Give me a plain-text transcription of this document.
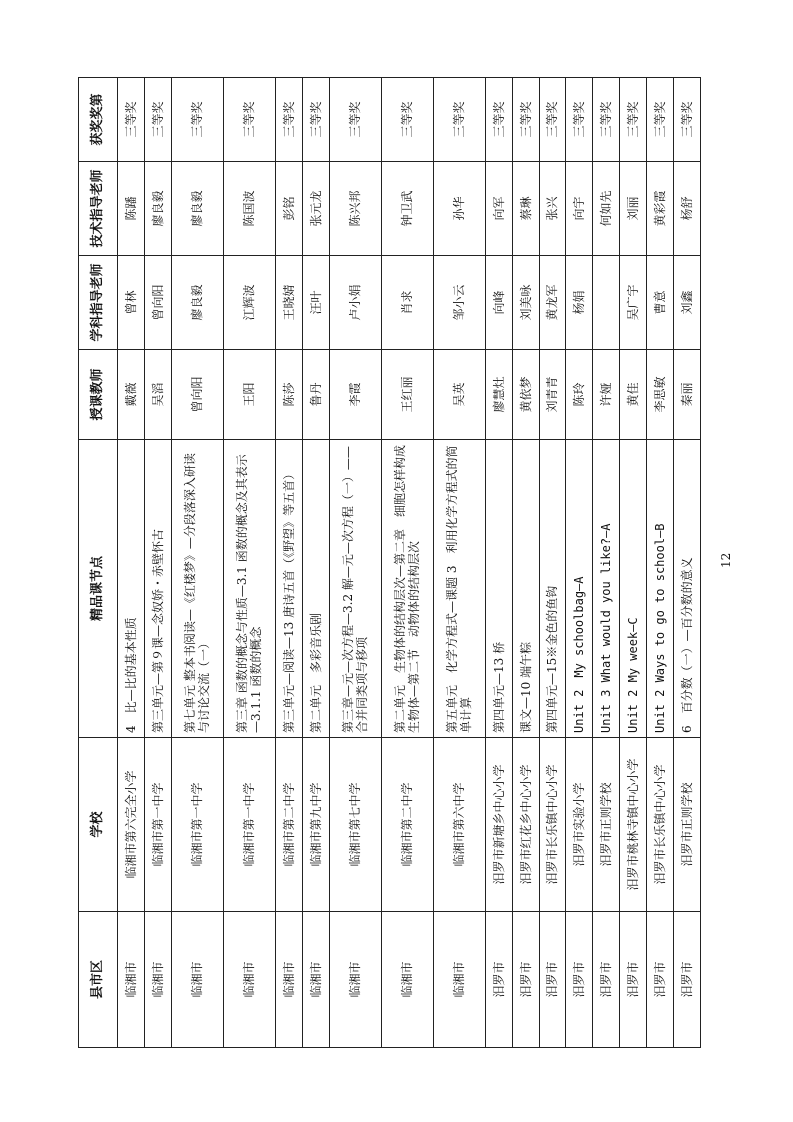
县市区	学校	精品课节点	授课教师	学科指导老师	技术指导老师	获奖奖第
临湘市	临湘市第六完全小学	4　比—比的基本性质	戴薇	曾林	陈蹯	三等奖
临湘市	临湘市第一中学	第三单元—第９课—念奴娇・赤壁怀古	吴滔	曾向阳	廖良毅	三等奖
临湘市	临湘市第一中学	第七单元 整本书阅读—《红楼梦》—分段落深入研读与讨论交流（一）	曾向阳	廖良毅	廖良毅	三等奖
临湘市	临湘市第一中学	第三章 函数的概念与性质—3.1 函数的概念及其表示—3.1.1 函数的概念	王阳	江辉波	陈国波	三等奖
临湘市	临湘市第二中学	第三单元—阅读—13 唐诗五首（《野望》等五首）	陈莎	王晓婧	彭铭	三等奖
临湘市	临湘市第九中学	第二单元　多彩音乐剧	鲁丹	汪叶	张元龙	三等奖
临湘市	临湘市第七中学	第三章—元—次方程—3.2 解—元—次方程（一）——合并同类项与移项	李霞	卢小娟	陈兴邦	三等奖
临湘市	临湘市第二中学	第二单元　生物体的结构层次—第二章　细胞怎样构成生物体—第二节　动物体的结构层次	王红丽	肖求	钟卫武	三等奖
临湘市	临湘市第六中学	第五单元　化学方程式—课题 3　利用化学方程式的简单计算	吴英	邹小云	孙华	三等奖
汨罗市	汨罗市新塘乡中心小学	第四单元—13 桥	廖慧灶	向峰	向军	三等奖
汨罗市	汨罗市红花乡中心小学	课文—10 端午粽	黄依梦	刘美咏	蔡琳	三等奖
汨罗市	汨罗市长乐镇中心小学	第四单元—15※金色的鱼钩	刘青青	黄龙军	张兴	三等奖
汨罗市	汨罗市实验小学	Unit 2　My schoolbag—A	陈玲	杨娟	向宇	三等奖
汨罗市	汨罗市正则学校	Unit 3 What would you like?—A	许娅		何如先	三等奖
汨罗市	汨罗市桃林寺镇中心小学	Unit 2 My week—C	黄佳	吴广宇	刘丽	三等奖
汨罗市	汨罗市长乐镇中心小学	Unit 2 Ways to go to school—B	李思敏	曹意	黄彩霞	三等奖
汨罗市	汨罗市正则学校	6　百分数（一）—百分数的意义	秦丽	刘鑫	杨舒	三等奖
12
